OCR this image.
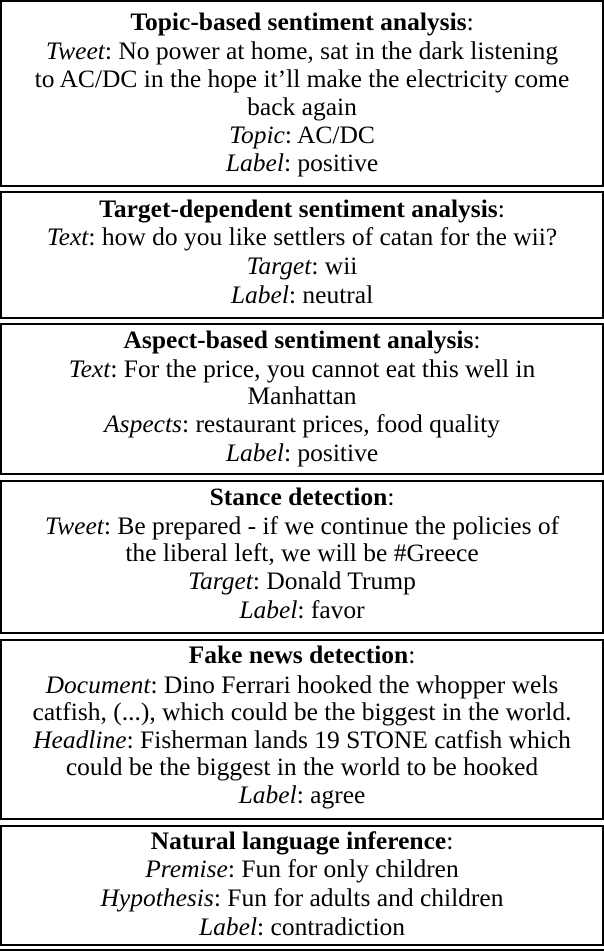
Topic-based sentiment analysis:
Tweet: No power at home, sat in the dark listening
to AC/DC in the hope it’ll make the electricity come
back again
Topic: AC/DC
Label: positive
Target-dependent sentiment analysis:
Text: how do you like settlers of catan for the wii?
Target: wii
Label: neutral
Aspect-based sentiment analysis:
Text: For the price, you cannot eat this well in
Manhattan
Aspects: restaurant prices, food quality
Label: positive
Stance detection:
Tweet: Be prepared - if we continue the policies of
the liberal left, we will be #Greece
Target: Donald Trump
Label: favor
Fake news detection:
Document: Dino Ferrari hooked the whopper wels
catfish, (...), which could be the biggest in the world.
Headline: Fisherman lands 19 STONE catfish which
could be the biggest in the world to be hooked
Label: agree
Natural language inference:
Premise: Fun for only children
Hypothesis: Fun for adults and children
Label: contradiction
